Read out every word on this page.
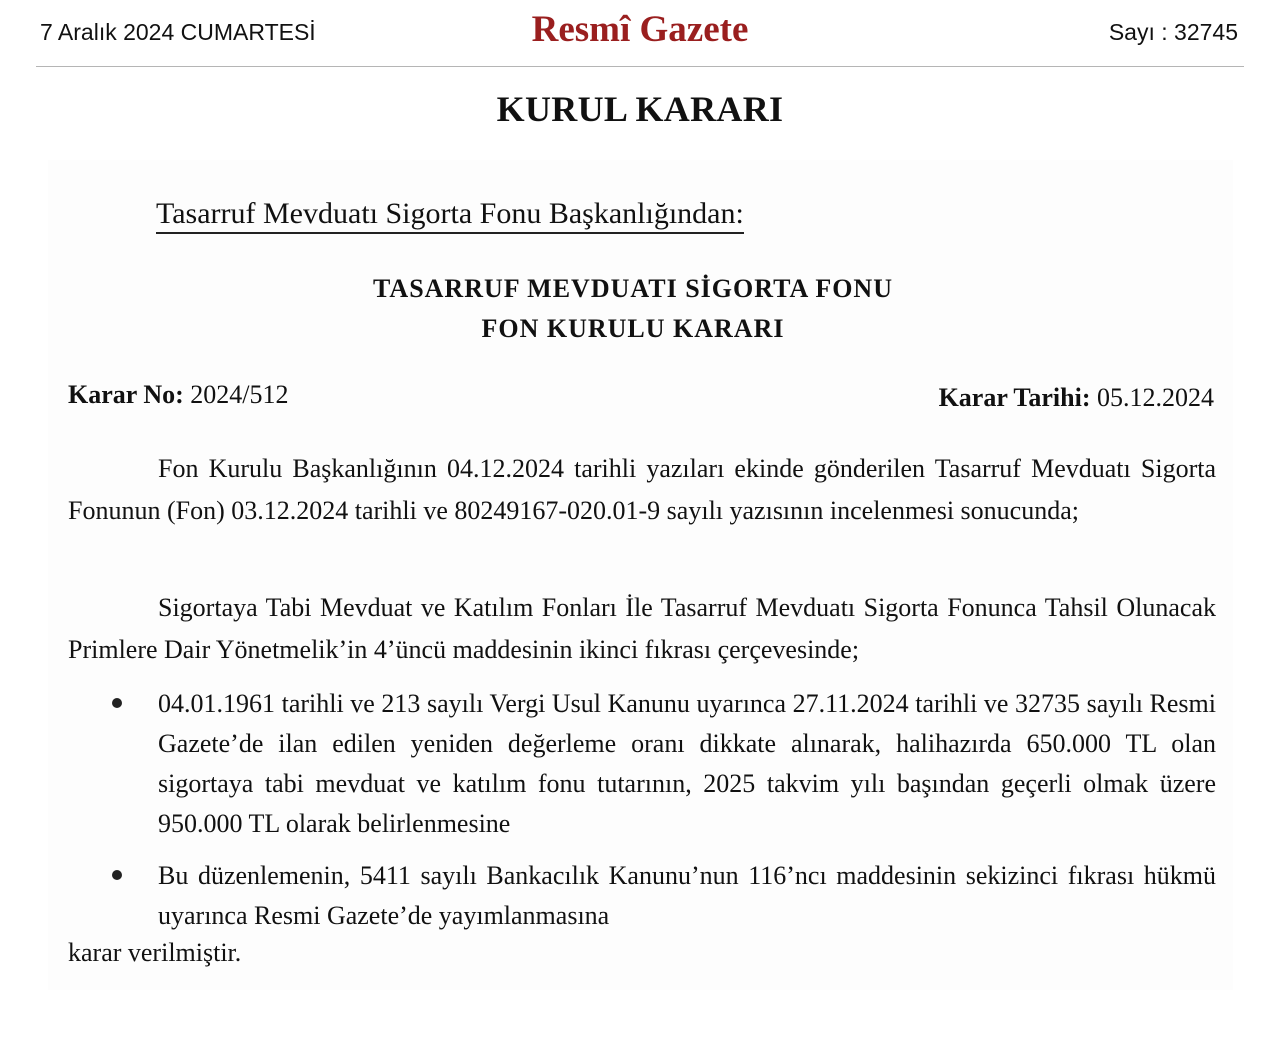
7 Aralık 2024 CUMARTESİ	Resmî Gazete	Sayı : 32745
KURUL KARARI
Tasarruf Mevduatı Sigorta Fonu Başkanlığından:
TASARRUF MEVDUATI SİGORTA FONU
FON KURULU KARARI
Karar No: 2024/512	Karar Tarihi: 05.12.2024

Fon Kurulu Başkanlığının 04.12.2024 tarihli yazıları ekinde gönderilen Tasarruf Mevduatı Sigorta Fonunun (Fon) 03.12.2024 tarihli ve 80249167-020.01-9 sayılı yazısının incelenmesi sonucunda;

Sigortaya Tabi Mevduat ve Katılım Fonları İle Tasarruf Mevduatı Sigorta Fonunca Tahsil Olunacak Primlere Dair Yönetmelik’in 4’üncü maddesinin ikinci fıkrası çerçevesinde;

04.01.1961 tarihli ve 213 sayılı Vergi Usul Kanunu uyarınca 27.11.2024 tarihli ve 32735 sayılı Resmi Gazete’de ilan edilen yeniden değerleme oranı dikkate alınarak, halihazırda 650.000 TL olan sigortaya tabi mevduat ve katılım fonu tutarının, 2025 takvim yılı başından geçerli olmak üzere 950.000 TL olarak belirlenmesine
Bu düzenlemenin, 5411 sayılı Bankacılık Kanunu’nun 116’ncı maddesinin sekizinci fıkrası hükmü uyarınca Resmi Gazete’de yayımlanmasına
karar verilmiştir.
